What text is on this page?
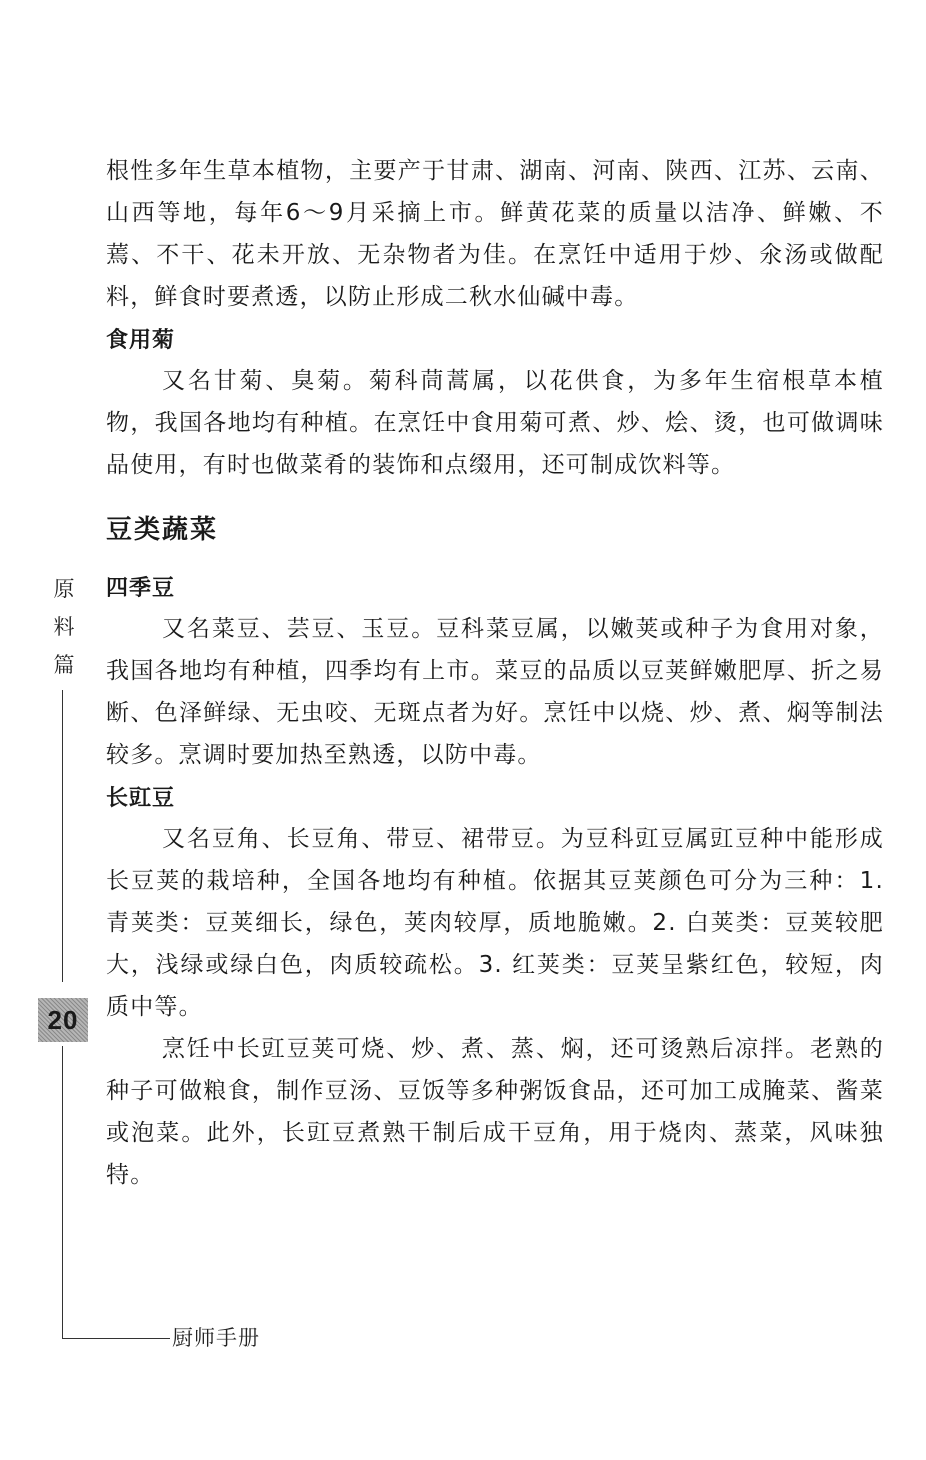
根性多年生草本植物，主要产于甘肃、湖南、河南、陕西、江苏、云南、山西等地，每年6～9月采摘上市。鲜黄花菜的质量以洁净、鲜嫩、不蔫、不干、花未开放、无杂物者为佳。在烹饪中适用于炒、氽汤或做配料，鲜食时要煮透，以防止形成二秋水仙碱中毒。

食用菊

又名甘菊、臭菊。菊科茼蒿属，以花供食，为多年生宿根草本植物，我国各地均有种植。在烹饪中食用菊可煮、炒、烩、烫，也可做调味品使用，有时也做菜肴的装饰和点缀用，还可制成饮料等。

豆类蔬菜
四季豆

又名菜豆、芸豆、玉豆。豆科菜豆属，以嫩荚或种子为食用对象，我国各地均有种植，四季均有上市。菜豆的品质以豆荚鲜嫩肥厚、折之易断、色泽鲜绿、无虫咬、无斑点者为好。烹饪中以烧、炒、煮、焖等制法较多。烹调时要加热至熟透，以防中毒。

长豇豆

又名豆角、长豆角、带豆、裙带豆。为豆科豇豆属豇豆种中能形成长豆荚的栽培种，全国各地均有种植。依据其豆荚颜色可分为三种：1. 青荚类：豆荚细长，绿色，荚肉较厚，质地脆嫩。2. 白荚类：豆荚较肥大，浅绿或绿白色，肉质较疏松。3. 红荚类：豆荚呈紫红色，较短，肉质中等。

烹饪中长豇豆荚可烧、炒、煮、蒸、焖，还可烫熟后凉拌。老熟的种子可做粮食，制作豆汤、豆饭等多种粥饭食品，还可加工成腌菜、酱菜或泡菜。此外，长豇豆煮熟干制后成干豆角，用于烧肉、蒸菜，风味独特。

原
料
篇
20
厨师手册
